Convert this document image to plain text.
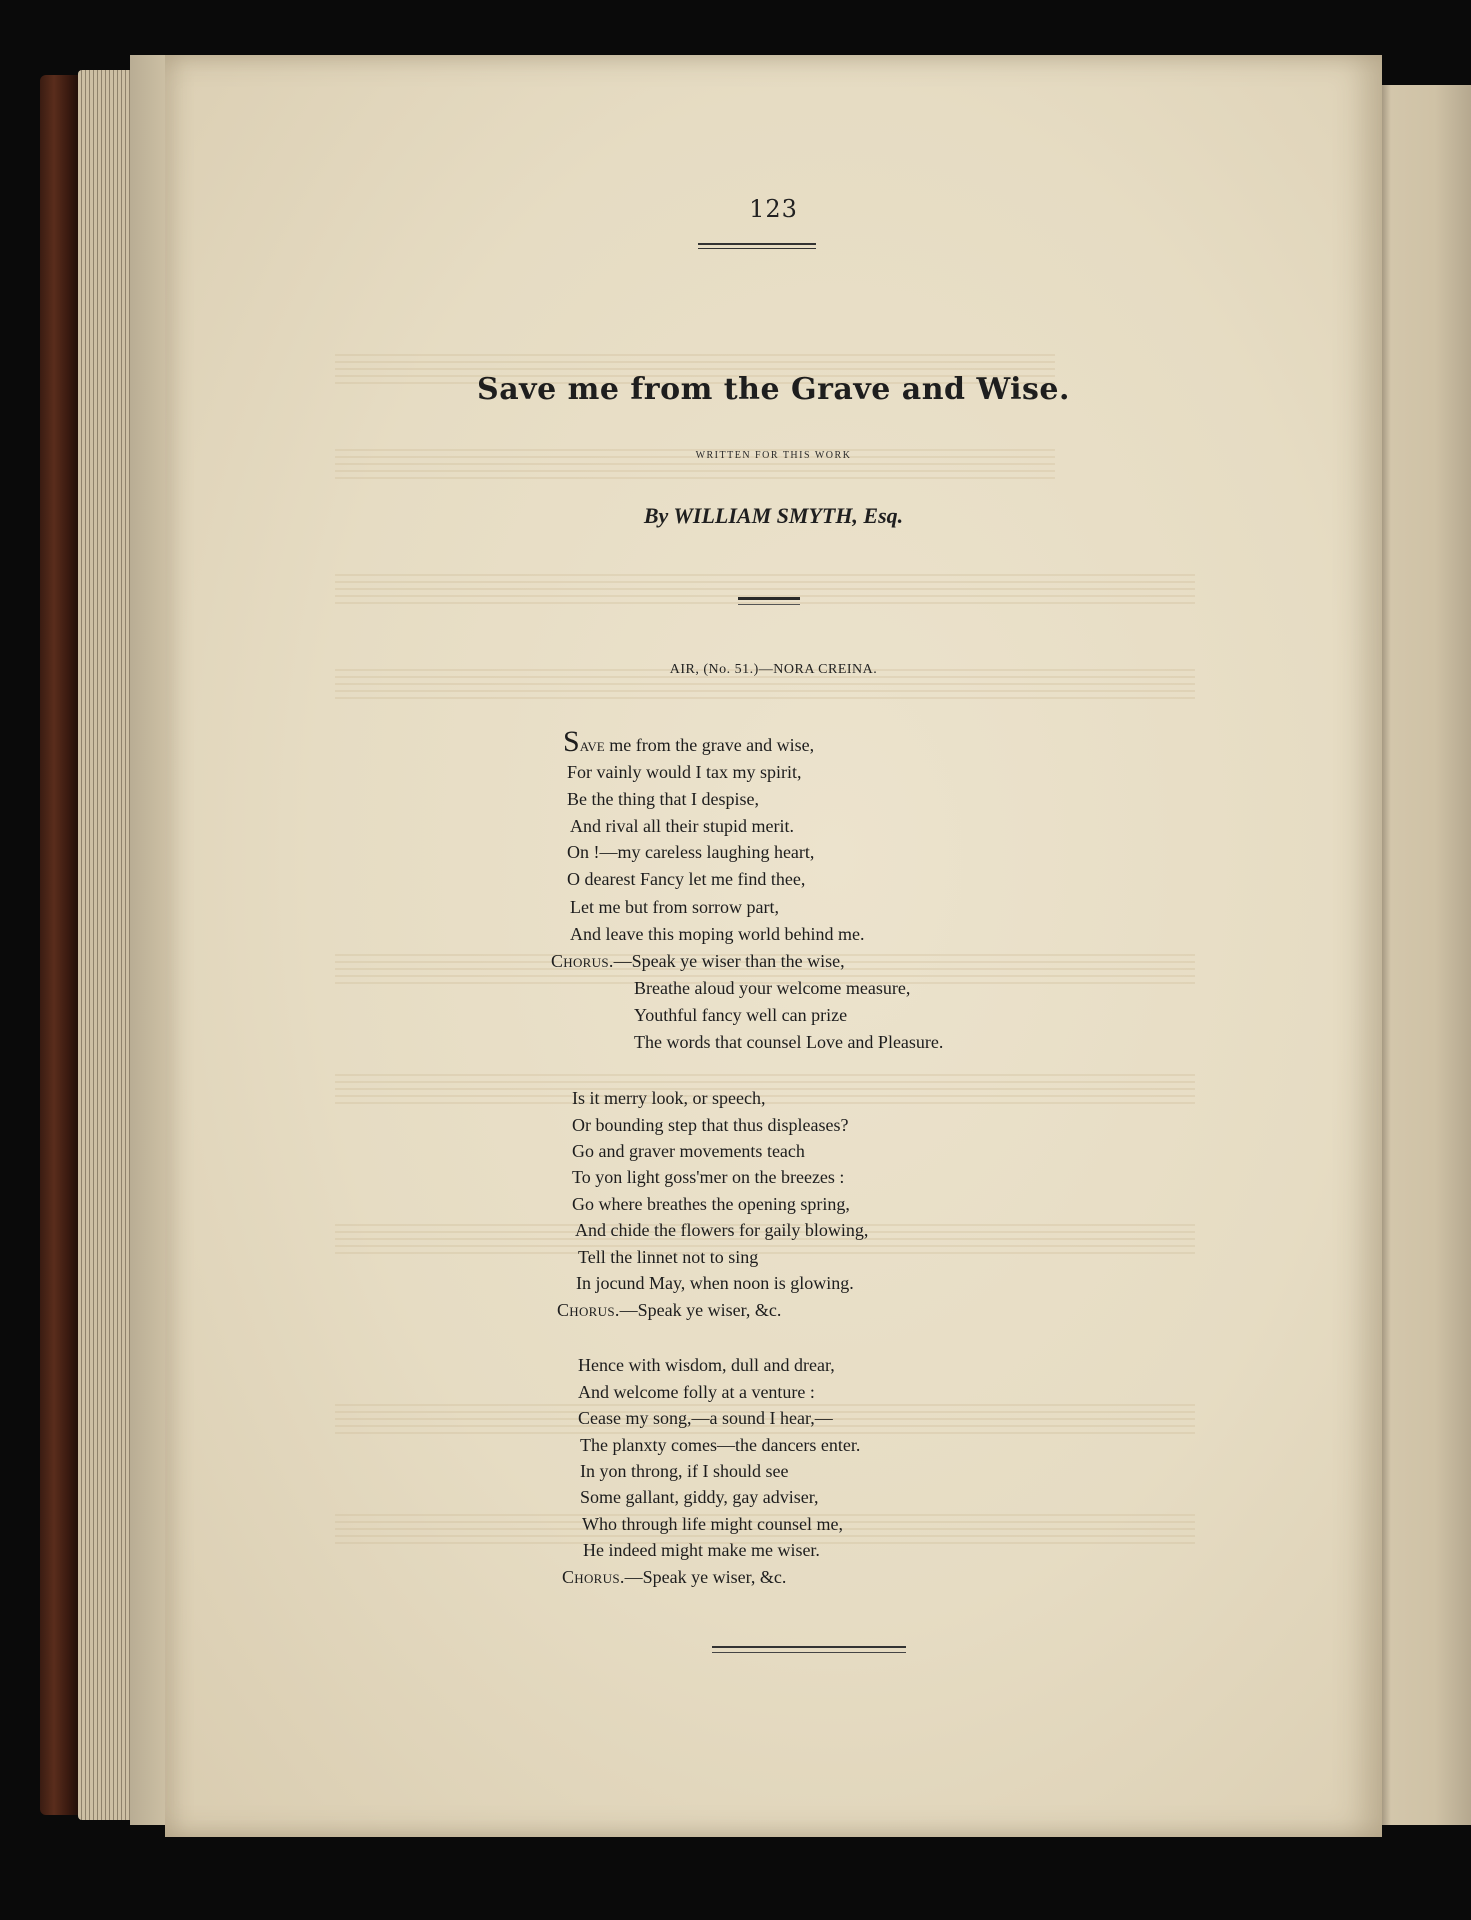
123
Save me from the Grave and Wise.
WRITTEN FOR THIS WORK
By WILLIAM SMYTH, Esq.
AIR, (No. 51.)—NORA CREINA.
Save me from the grave and wise,
For vainly would I tax my spirit,
Be the thing that I despise,
And rival all their stupid merit.
On !—my careless laughing heart,
O dearest Fancy let me find thee,
Let me but from sorrow part,
And leave this moping world behind me.
Chorus.—Speak ye wiser than the wise,
Breathe aloud your welcome measure,
Youthful fancy well can prize
The words that counsel Love and Pleasure.
Is it merry look, or speech,
Or bounding step that thus displeases?
Go and graver movements teach
To yon light goss'mer on the breezes :
Go where breathes the opening spring,
And chide the flowers for gaily blowing,
Tell the linnet not to sing
In jocund May, when noon is glowing.
Chorus.—Speak ye wiser, &c.
Hence with wisdom, dull and drear,
And welcome folly at a venture :
Cease my song,—a sound I hear,—
The planxty comes—the dancers enter.
In yon throng, if I should see
Some gallant, giddy, gay adviser,
Who through life might counsel me,
He indeed might make me wiser.
Chorus.—Speak ye wiser, &c.
